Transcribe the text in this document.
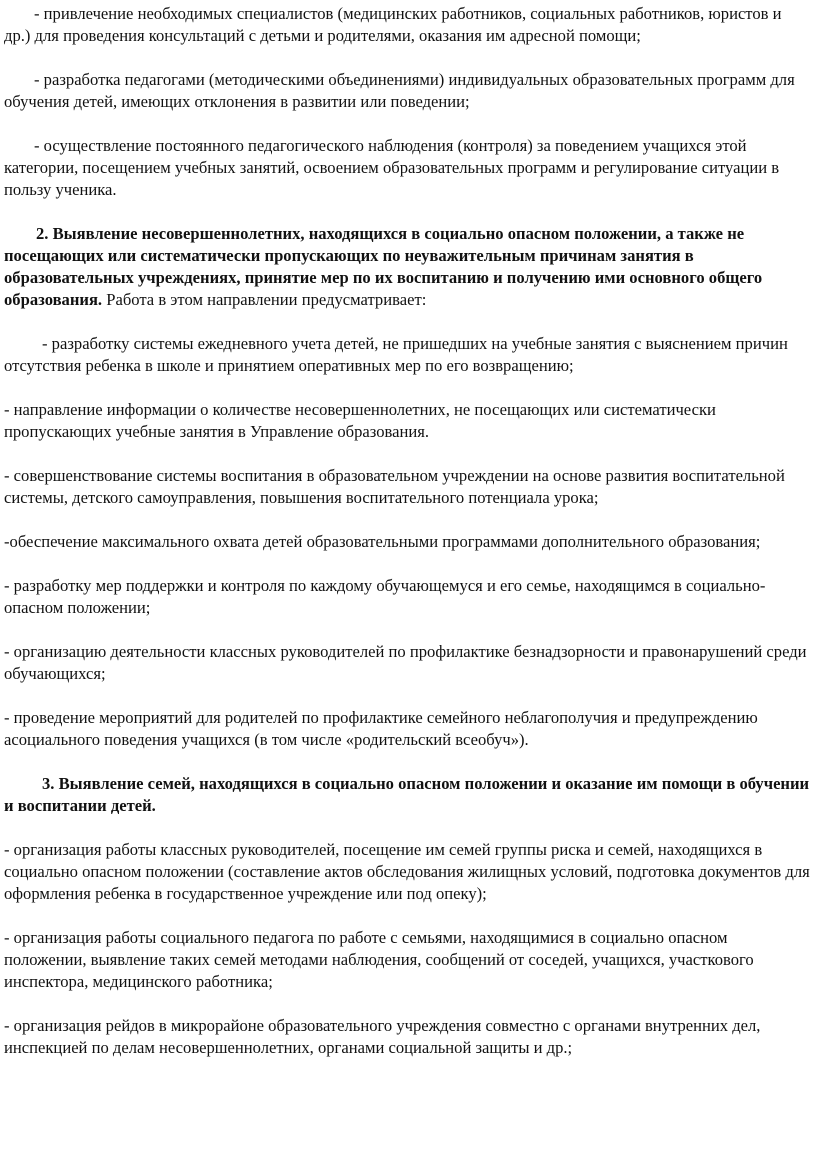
- привлечение необходимых специалистов (медицинских работников, социальных работников, юристов и др.) для проведения консультаций с детьми и родителями, оказания им адресной помощи;

- разработка педагогами (методическими объединениями) индивидуальных образовательных программ для обучения детей, имеющих отклонения в развитии или поведении;

- осуществление постоянного педагогического наблюдения (контроля) за поведением учащихся этой категории, посещением учебных занятий, освоением образовательных программ и регулирование ситуации в пользу ученика.

2. Выявление несовершеннолетних, находящихся в социально опасном положении, а также не посещающих или систематически пропускающих по неуважительным причинам занятия в образовательных учреждениях, принятие мер по их воспитанию и получению ими основного общего образования. Работа в этом направлении предусматривает:

- разработку системы ежедневного учета детей, не пришедших на учебные занятия с выяснением причин отсутствия ребенка в школе и принятием оперативных мер по его возвращению;

- направление информации о количестве несовершеннолетних, не посещающих или систематически пропускающих учебные занятия в Управление образования.

- совершенствование системы воспитания в образовательном учреждении на основе развития воспитательной системы, детского самоуправления, повышения воспитательного потенциала урока;

-обеспечение максимального охвата детей образовательными программами дополнительного образования;

- разработку мер поддержки и контроля по каждому обучающемуся и его семье, находящимся в социально- опасном положении;

- организацию деятельности классных руководителей по профилактике безнадзорности и правонарушений среди обучающихся;

- проведение мероприятий для родителей по профилактике семейного неблагополучия и предупреждению асоциального поведения учащихся (в том числе «родительский всеобуч»).

3. Выявление семей, находящихся в социально опасном положении и оказание им помощи в обучении и воспитании детей.

- организация работы классных руководителей, посещение им семей группы риска и семей, находящихся в социально опасном положении (составление актов обследования жилищных условий, подготовка документов для оформления ребенка в государственное учреждение или под опеку);

- организация работы социального педагога по работе с семьями, находящимися в социально опасном положении, выявление таких семей методами наблюдения, сообщений от соседей, учащихся, участкового инспектора, медицинского работника;

- организация рейдов в микрорайоне образовательного учреждения совместно с органами внутренних дел, инспекцией по делам несовершеннолетних, органами социальной защиты и др.;
